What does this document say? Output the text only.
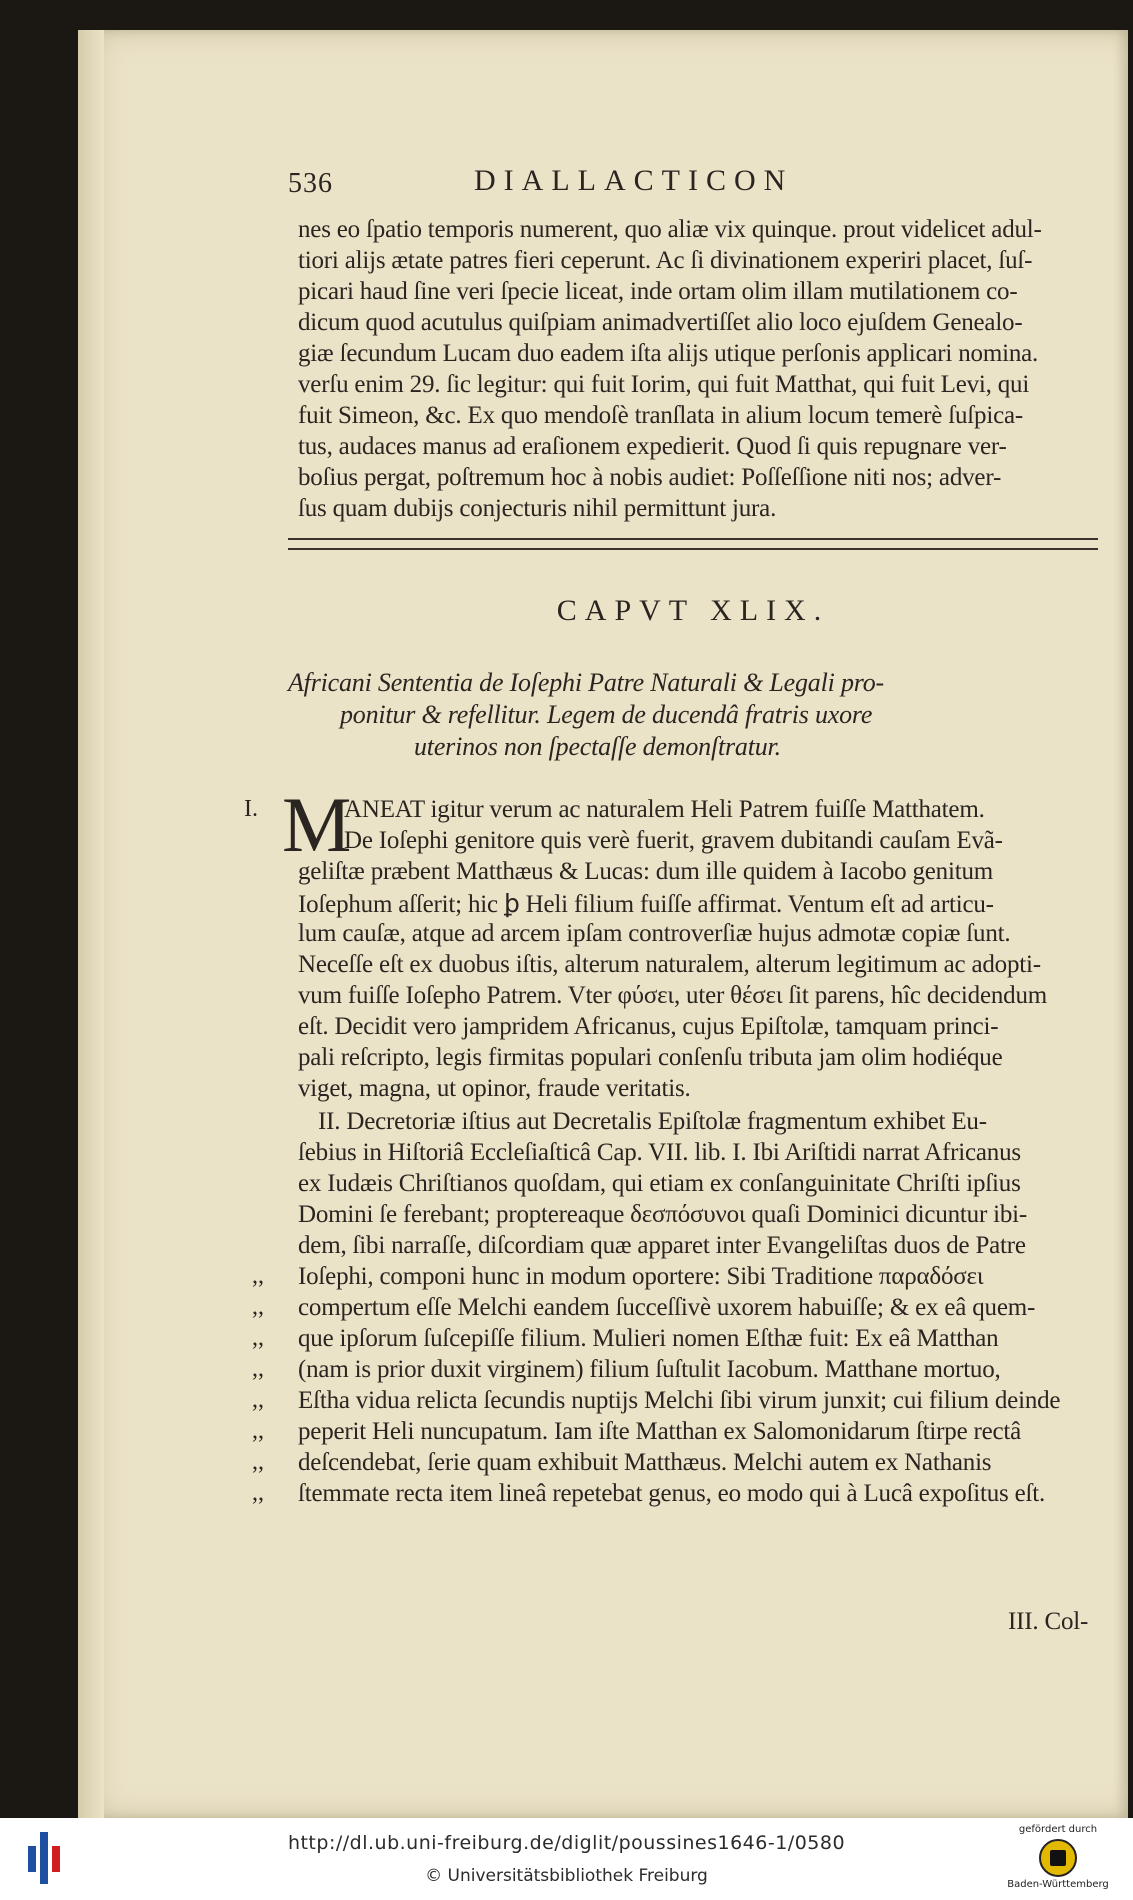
536	DIALLACTICON
nes eo ſpatio temporis numerent, quo aliæ vix quinque. prout videlicet adul-
tiori alijs ætate patres fieri ceperunt. Ac ſi divinationem experiri placet, ſuſ-
picari haud ſine veri ſpecie liceat, inde ortam olim illam mutilationem co-
dicum quod acutulus quiſpiam animadvertiſſet alio loco ejuſdem Genealo-
giæ ſecundum Lucam duo eadem iſta alijs utique perſonis applicari nomina.
verſu enim 29. ſic legitur: qui fuit Iorim, qui fuit Matthat, qui fuit Levi, qui
fuit Simeon, &c. Ex quo mendoſè tranſlata in alium locum temerè ſuſpica-
tus, audaces manus ad eraſionem expedierit. Quod ſi quis repugnare ver-
boſius pergat, poſtremum hoc à nobis audiet: Poſſeſſione niti nos; adver-
ſus quam dubijs conjecturis nihil permittunt jura.
CAPVT XLIX.
Africani Sententia de Ioſephi Patre Naturali & Legali pro-
ponitur & refellitur. Legem de ducendâ fratris uxore
uterinos non ſpectaſſe demonſtratur.
I. M
ANEAT igitur verum ac naturalem Heli Patrem fuiſſe Matthatem.
De Ioſephi genitore quis verè fuerit, gravem dubitandi cauſam Evã-
geliſtæ præbent Matthæus & Lucas: dum ille quidem à Iacobo genitum
Ioſephum aſſerit; hic ꝧ Heli filium fuiſſe affirmat. Ventum eſt ad articu-
lum cauſæ, atque ad arcem ipſam controverſiæ hujus admotæ copiæ ſunt.
Neceſſe eſt ex duobus iſtis, alterum naturalem, alterum legitimum ac adopti-
vum fuiſſe Ioſepho Patrem. Vter φύσει, uter θέσει ſit parens, hîc decidendum
eſt. Decidit vero jampridem Africanus, cujus Epiſtolæ, tamquam princi-
pali reſcripto, legis firmitas populari conſenſu tributa jam olim hodiéque
viget, magna, ut opinor, fraude veritatis.
II. Decretoriæ iſtius aut Decretalis Epiſtolæ fragmentum exhibet Eu-
ſebius in Hiſtoriâ Eccleſiaſticâ Cap. VII. lib. I. Ibi Ariſtidi narrat Africanus
ex Iudæis Chriſtianos quoſdam, qui etiam ex conſanguinitate Chriſti ipſius
Domini ſe ferebant; proptereaque δεσπόσυνοι quaſi Dominici dicuntur ibi-
dem, ſibi narraſſe, diſcordiam quæ apparet inter Evangeliſtas duos de Patre
,, Ioſephi, componi hunc in modum oportere: Sibi Traditione παραδόσει
,, compertum eſſe Melchi eandem ſucceſſivè uxorem habuiſſe; & ex eâ quem-
,, que ipſorum ſuſcepiſſe filium. Mulieri nomen Eſthæ fuit: Ex eâ Matthan
,, (nam is prior duxit virginem) filium ſuſtulit Iacobum. Matthane mortuo,
,, Eſtha vidua relicta ſecundis nuptijs Melchi ſibi virum junxit; cui filium deinde
,, peperit Heli nuncupatum. Iam iſte Matthan ex Salomonidarum ſtirpe rectâ
,, deſcendebat, ſerie quam exhibuit Matthæus. Melchi autem ex Nathanis
,, ſtemmate recta item lineâ repetebat genus, eo modo qui à Lucâ expoſitus eſt.
III. Col-
http://dl.ub.uni-freiburg.de/diglit/poussines1646-1/0580
© Universitätsbibliothek Freiburg
gefördert durch
Baden-Württemberg
